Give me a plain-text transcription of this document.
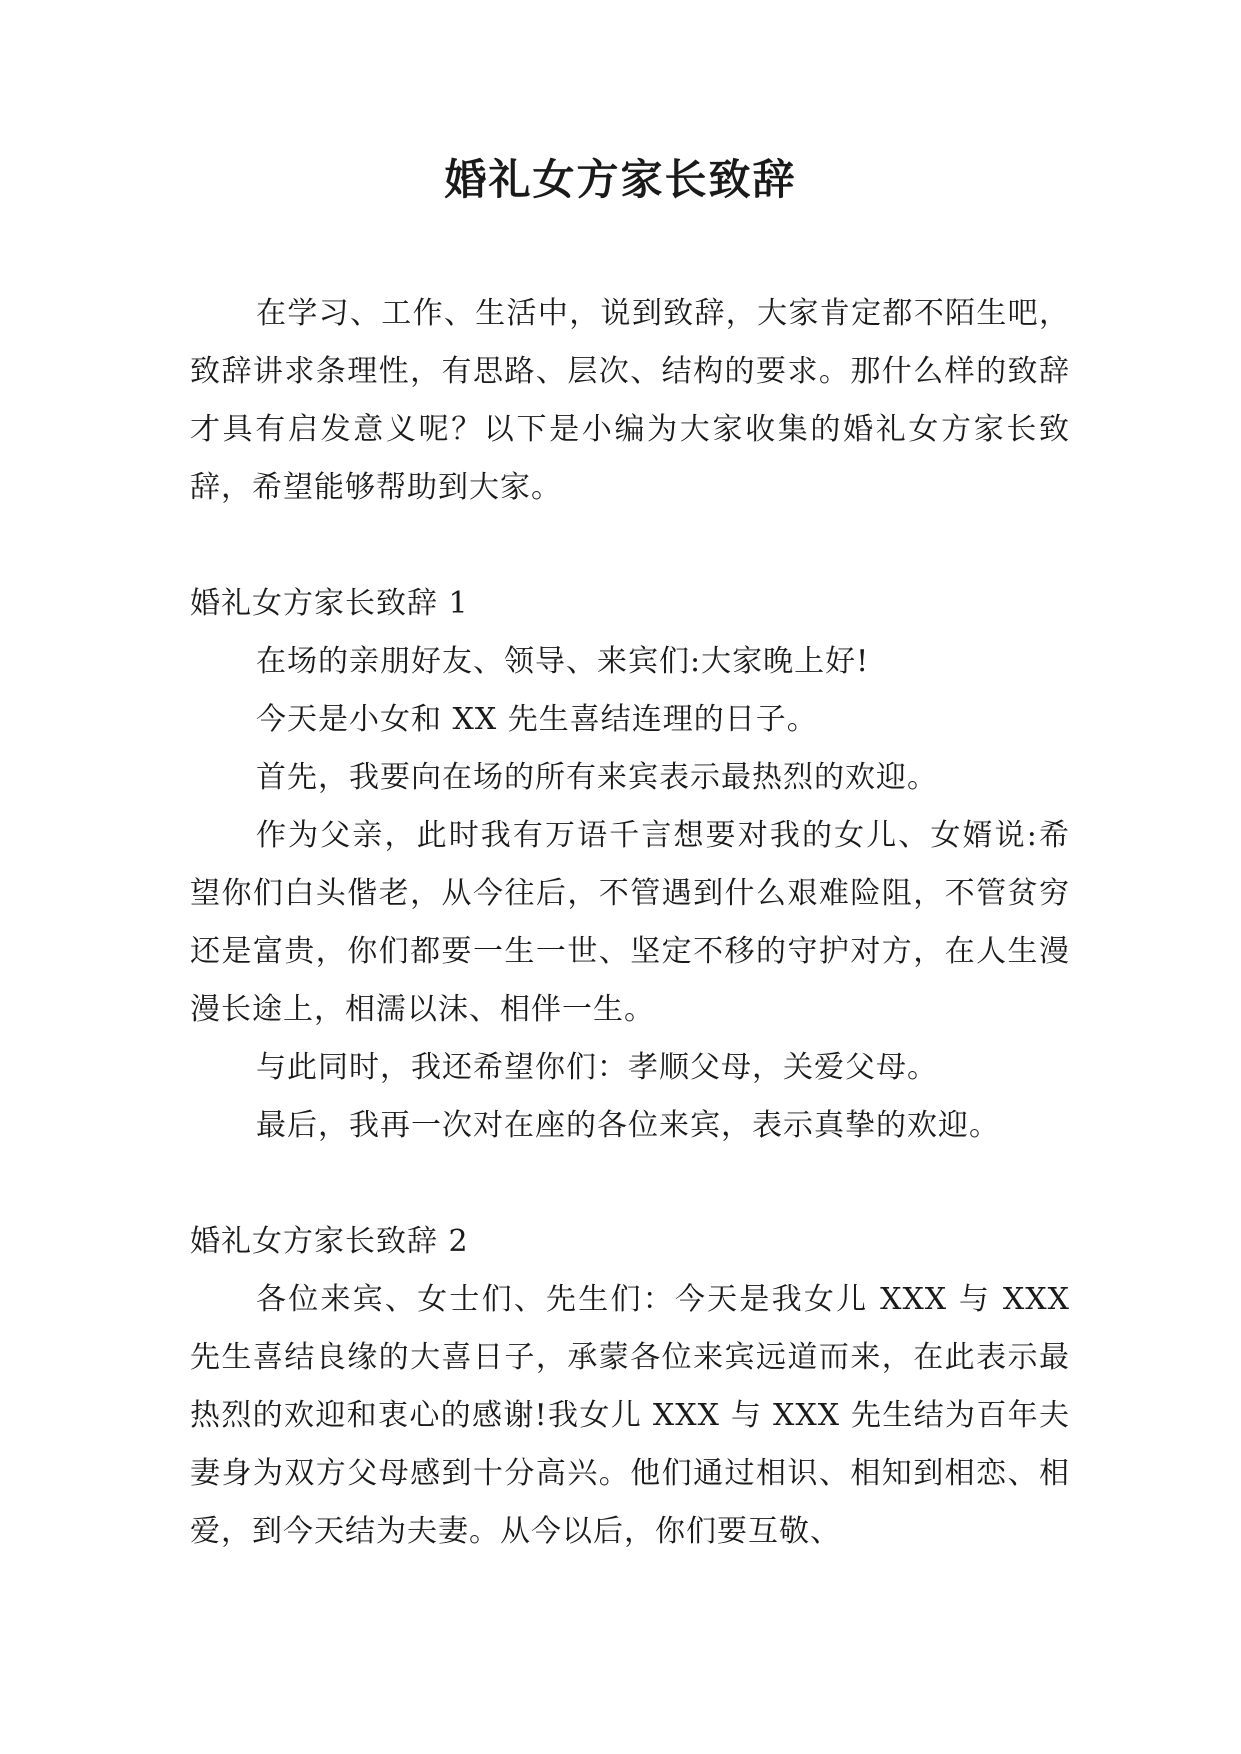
婚礼女方家长致辞

在学习、工作、生活中，说到致辞，大家肯定都不陌生吧，致辞讲求条理性，有思路、层次、结构的要求。那什么样的致辞才具有启发意义呢？以下是小编为大家收集的婚礼女方家长致辞，希望能够帮助到大家。

婚礼女方家长致辞 1

在场的亲朋好友、领导、来宾们:大家晚上好!

今天是小女和 XX 先生喜结连理的日子。

首先，我要向在场的所有来宾表示最热烈的欢迎。

作为父亲，此时我有万语千言想要对我的女儿、女婿说:希望你们白头偕老，从今往后，不管遇到什么艰难险阻，不管贫穷还是富贵，你们都要一生一世、坚定不移的守护对方，在人生漫漫长途上，相濡以沫、相伴一生。

与此同时，我还希望你们：孝顺父母，关爱父母。

最后，我再一次对在座的各位来宾，表示真挚的欢迎。

婚礼女方家长致辞 2

各位来宾、女士们、先生们：今天是我女儿 XXX 与 XXX 先生喜结良缘的大喜日子，承蒙各位来宾远道而来，在此表示最热烈的欢迎和衷心的感谢!我女儿 XXX 与 XXX 先生结为百年夫妻身为双方父母感到十分高兴。他们通过相识、相知到相恋、相爱，到今天结为夫妻。从今以后，你们要互敬、
